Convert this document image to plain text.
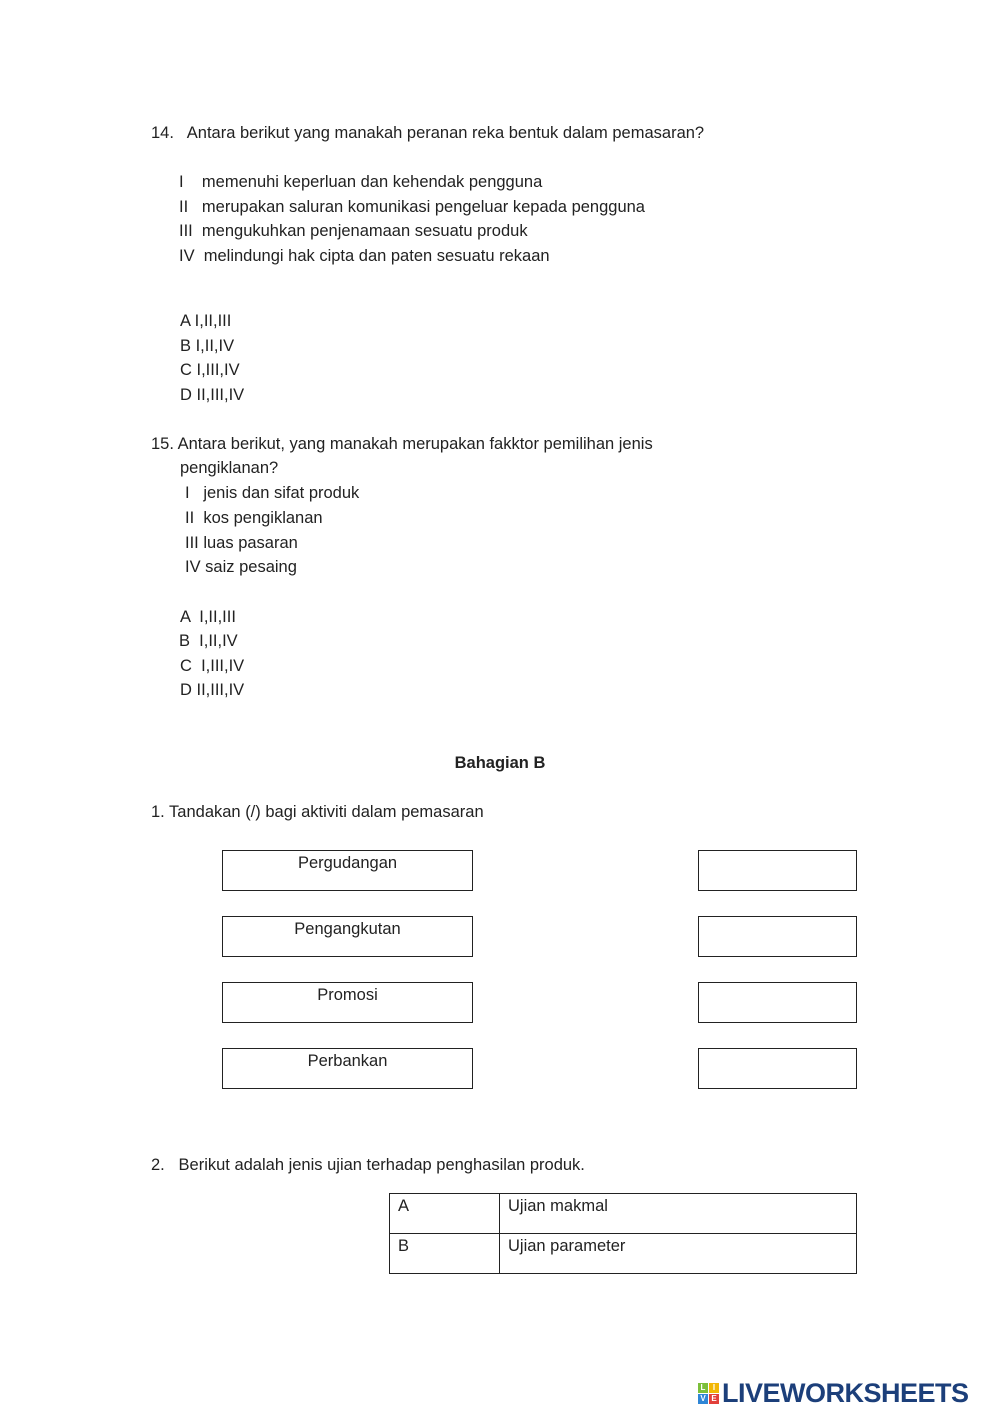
14.   Antara berikut yang manakah peranan reka bentuk dalam pemasaran?
I    memenuhi keperluan dan kehendak pengguna
II   merupakan saluran komunikasi pengeluar kepada pengguna
III  mengukuhkan penjenamaan sesuatu produk
IV  melindungi hak cipta dan paten sesuatu rekaan
A I,II,III
B I,II,IV
C I,III,IV
D II,III,IV
15. Antara berikut, yang manakah merupakan fakktor pemilihan jenis
pengiklanan?
I   jenis dan sifat produk
II  kos pengiklanan
III luas pasaran
IV saiz pesaing
A  I,II,III
B  I,II,IV
C  I,III,IV
D II,III,IV
Bahagian B
1. Tandakan (/) bagi aktiviti dalam pemasaran
Pergudangan
Pengangkutan
Promosi
Perbankan
2.   Berikut adalah jenis ujian terhadap penghasilan produk.
A	Ujian makmal
B	Ujian parameter
L I
V E LIVEWORKSHEETS
